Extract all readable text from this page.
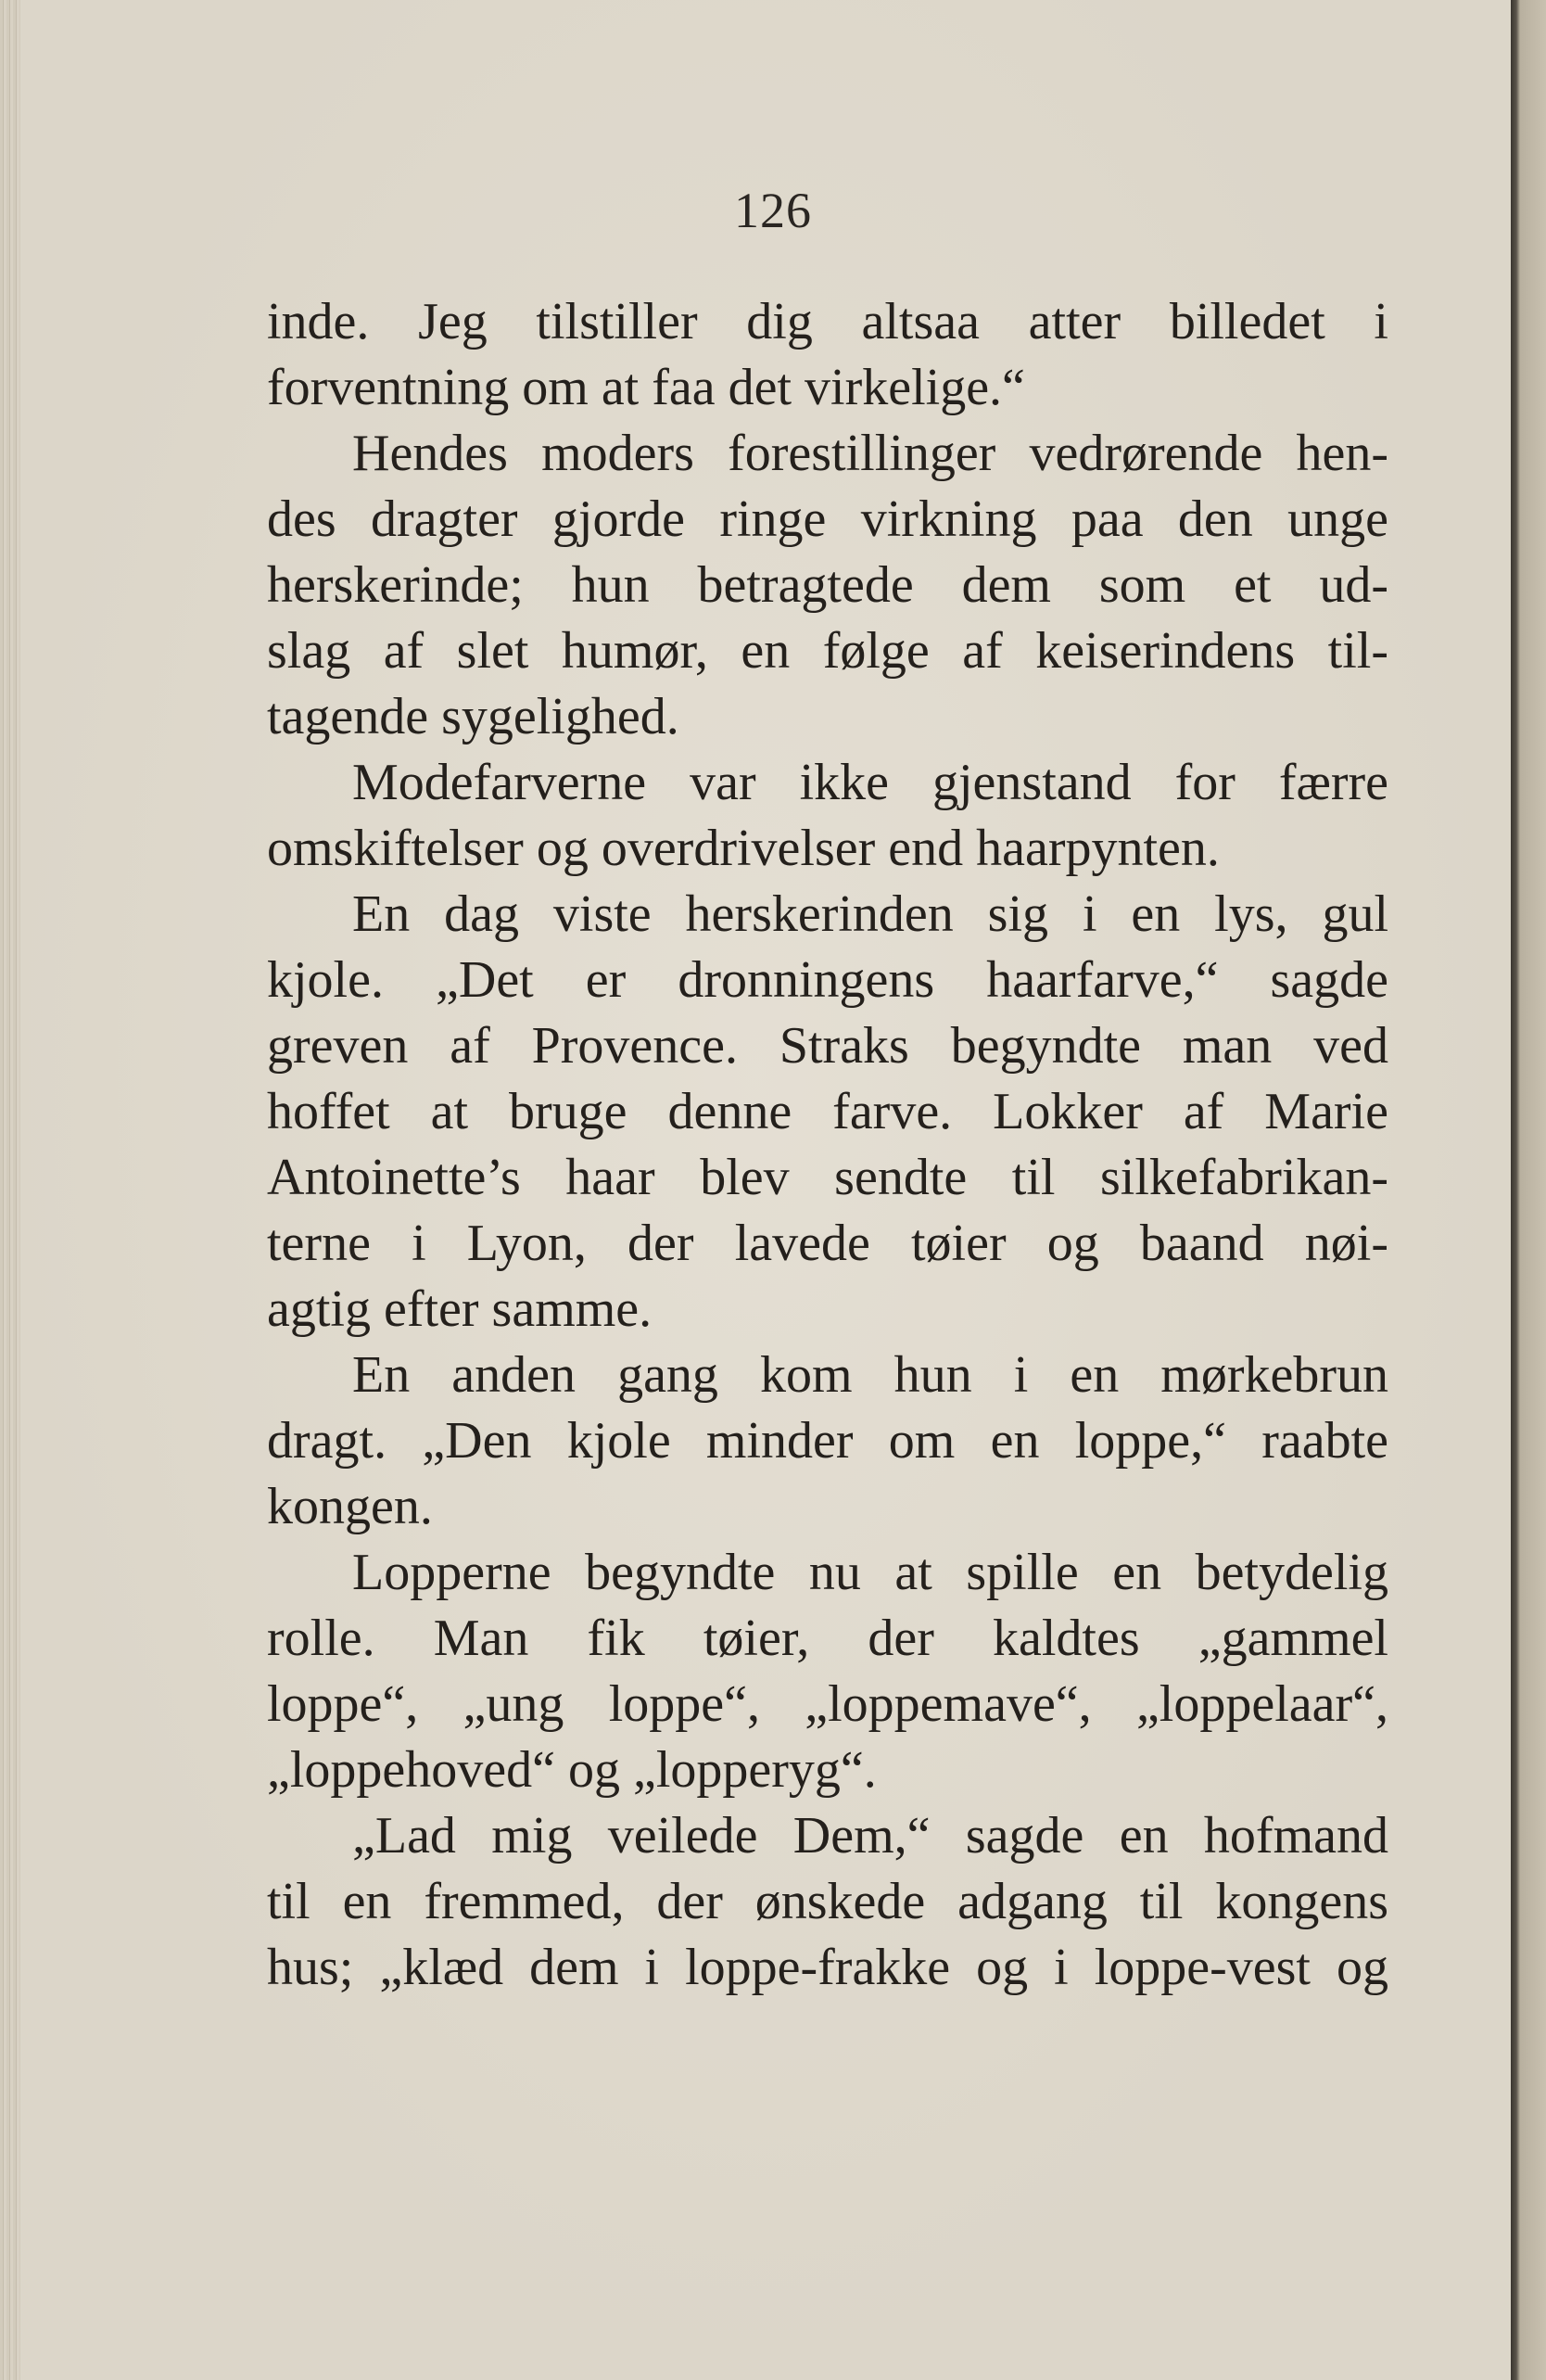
126
inde. Jeg tilstiller dig altsaa atter billedet i
forventning om at faa det virkelige.“
Hendes moders forestillinger vedrørende hen-
des dragter gjorde ringe virkning paa den unge
herskerinde; hun betragtede dem som et ud-
slag af slet humør, en følge af keiserindens til-
tagende sygelighed.
Modefarverne var ikke gjenstand for færre
omskiftelser og overdrivelser end haarpynten.
En dag viste herskerinden sig i en lys, gul
kjole. „Det er dronningens haarfarve,“ sagde
greven af Provence. Straks begyndte man ved
hoffet at bruge denne farve. Lokker af Marie
Antoinette’s haar blev sendte til silkefabrikan-
terne i Lyon, der lavede tøier og baand nøi-
agtig efter samme.
En anden gang kom hun i en mørkebrun
dragt. „Den kjole minder om en loppe,“ raabte
kongen.
Lopperne begyndte nu at spille en betydelig
rolle. Man fik tøier, der kaldtes „gammel
loppe“, „ung loppe“, „loppemave“, „loppelaar“,
„loppehoved“ og „lopperyg“.
„Lad mig veilede Dem,“ sagde en hofmand
til en fremmed, der ønskede adgang til kongens
hus; „klæd dem i loppe-frakke og i loppe-vest og
